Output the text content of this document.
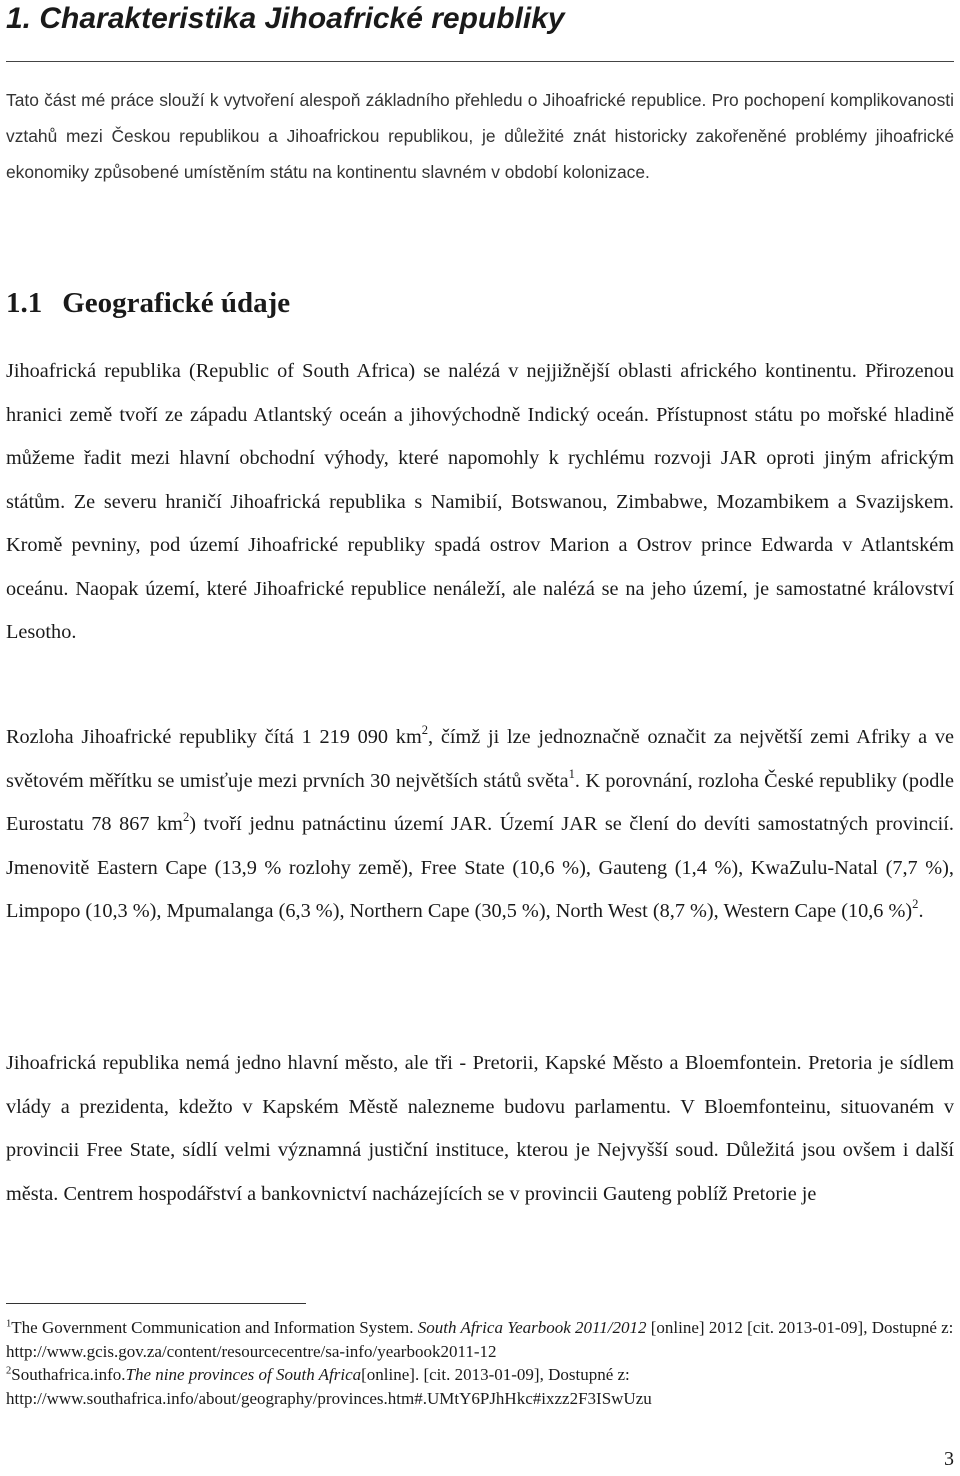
1. Charakteristika Jihoafrické republiky

Tato část mé práce slouží k vytvoření alespoň základního přehledu o Jihoafrické republice. Pro pochopení komplikovanosti vztahů mezi Českou republikou a Jihoafrickou republikou, je důležité znát historicky zakořeněné problémy jihoafrické ekonomiky způsobené umístěním státu na kontinentu slavném v období kolonizace.

1.1 Geografické údaje

Jihoafrická republika (Republic of South Africa) se nalézá v nejjižnější oblasti afrického kontinentu. Přirozenou hranici země tvoří ze západu Atlantský oceán a jihovýchodně Indický oceán. Přístupnost státu po mořské hladině můžeme řadit mezi hlavní obchodní výhody, které napomohly k rychlému rozvoji JAR oproti jiným africkým státům. Ze severu hraničí Jihoafrická republika s Namibií, Botswanou, Zimbabwe, Mozambikem a Svazijskem. Kromě pevniny, pod území Jihoafrické republiky spadá ostrov Marion a Ostrov prince Edwarda v Atlantském oceánu. Naopak území, které Jihoafrické republice nenáleží, ale nalézá se na jeho území, je samostatné království Lesotho.

Rozloha Jihoafrické republiky čítá 1 219 090 $km^2$, čímž ji lze jednoznačně označit za největší zemi Afriky a ve světovém měřítku se umisťuje mezi prvních 30 největších států světa$^1$. K porovnání, rozloha České republiky (podle Eurostatu 78 867 $km^2$) tvoří jednu patnáctinu území JAR. Území JAR se člení do devíti samostatných provincií. Jmenovitě Eastern Cape (13,9 % rozlohy země), Free State (10,6 %), Gauteng (1,4 %), KwaZulu-Natal (7,7 %), Limpopo (10,3 %), Mpumalanga (6,3 %), Northern Cape (30,5 %), North West (8,7 %), Western Cape (10,6 %)$^2$.

Jihoafrická republika nemá jedno hlavní město, ale tři - Pretorii, Kapské Město a Bloemfontein. Pretoria je sídlem vlády a prezidenta, kdežto v Kapském Městě nalezneme budovu parlamentu. V Bloemfonteinu, situovaném v provincii Free State, sídlí velmi významná justiční instituce, kterou je Nejvyšší soud. Důležitá jsou ovšem i další města. Centrem hospodářství a bankovnictví nacházejících se v provincii Gauteng poblíž Pretorie je

$^1$The Government Communication and Information System. South Africa Yearbook 2011/2012 [online] 2012 [cit. 2013-01-09], Dostupné z: http://www.gcis.gov.za/content/resourcecentre/sa-info/yearbook2011-12

$^2$Southafrica.info.The nine provinces of South Africa[online]. [cit. 2013-01-09], Dostupné z: http://www.southafrica.info/about/geography/provinces.htm#.UMtY6PJhHkc#ixzz2F3ISwUzu

3
